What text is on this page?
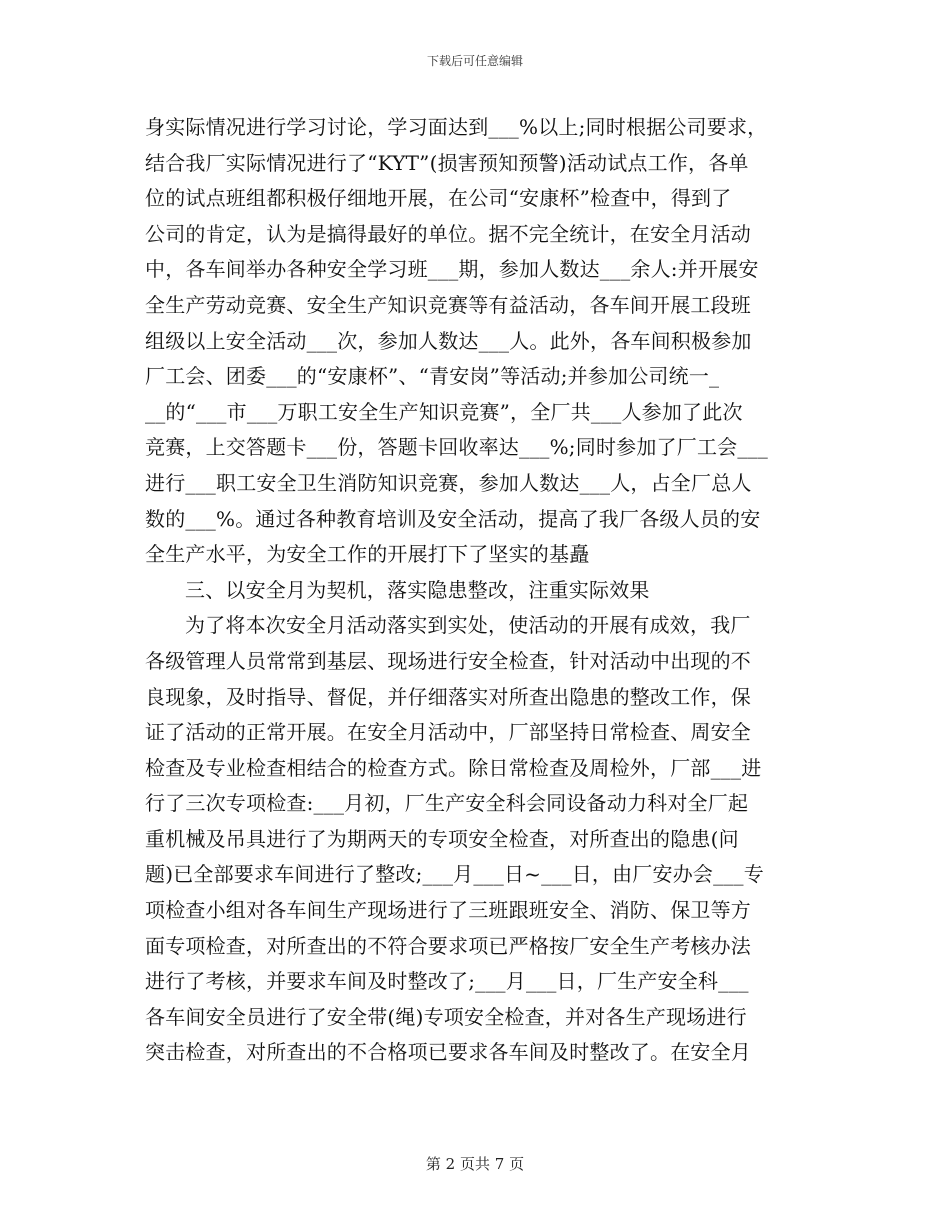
下载后可任意编辑
身实际情况进行学习讨论，学习面达到___%以上;同时根据公司要求，
结合我厂实际情况进行了“KYT”(损害预知预警)活动试点工作，各单
位的试点班组都积极仔细地开展，在公司“安康杯”检查中，得到了
公司的肯定，认为是搞得最好的单位。据不完全统计，在安全月活动
中，各车间举办各种安全学习班___期，参加人数达___余人:并开展安
全生产劳动竞赛、安全生产知识竞赛等有益活动，各车间开展工段班
组级以上安全活动___次，参加人数达___人。此外，各车间积极参加
厂工会、团委___的“安康杯”、“青安岗”等活动;并参加公司统一_
__的“___市___万职工安全生产知识竞赛”，全厂共___人参加了此次
竞赛，上交答题卡___份，答题卡回收率达___%;同时参加了厂工会___
进行___职工安全卫生消防知识竞赛，参加人数达___人，占全厂总人
数的___%。通过各种教育培训及安全活动，提高了我厂各级人员的安
全生产水平，为安全工作的开展打下了坚实的基矗
三、以安全月为契机，落实隐患整改，注重实际效果
为了将本次安全月活动落实到实处，使活动的开展有成效，我厂
各级管理人员常常到基层、现场进行安全检查，针对活动中出现的不
良现象，及时指导、督促，并仔细落实对所查出隐患的整改工作，保
证了活动的正常开展。在安全月活动中，厂部坚持日常检查、周安全
检查及专业检查相结合的检查方式。除日常检查及周检外，厂部___进
行了三次专项检查:___月初，厂生产安全科会同设备动力科对全厂起
重机械及吊具进行了为期两天的专项安全检查，对所查出的隐患(问
题)已全部要求车间进行了整改;___月___日~___日，由厂安办会___专
项检查小组对各车间生产现场进行了三班跟班安全、消防、保卫等方
面专项检查，对所查出的不符合要求项已严格按厂安全生产考核办法
进行了考核，并要求车间及时整改了;___月___日，厂生产安全科___
各车间安全员进行了安全带(绳)专项安全检查，并对各生产现场进行
突击检查，对所查出的不合格项已要求各车间及时整改了。在安全月
第 2 页共 7 页
